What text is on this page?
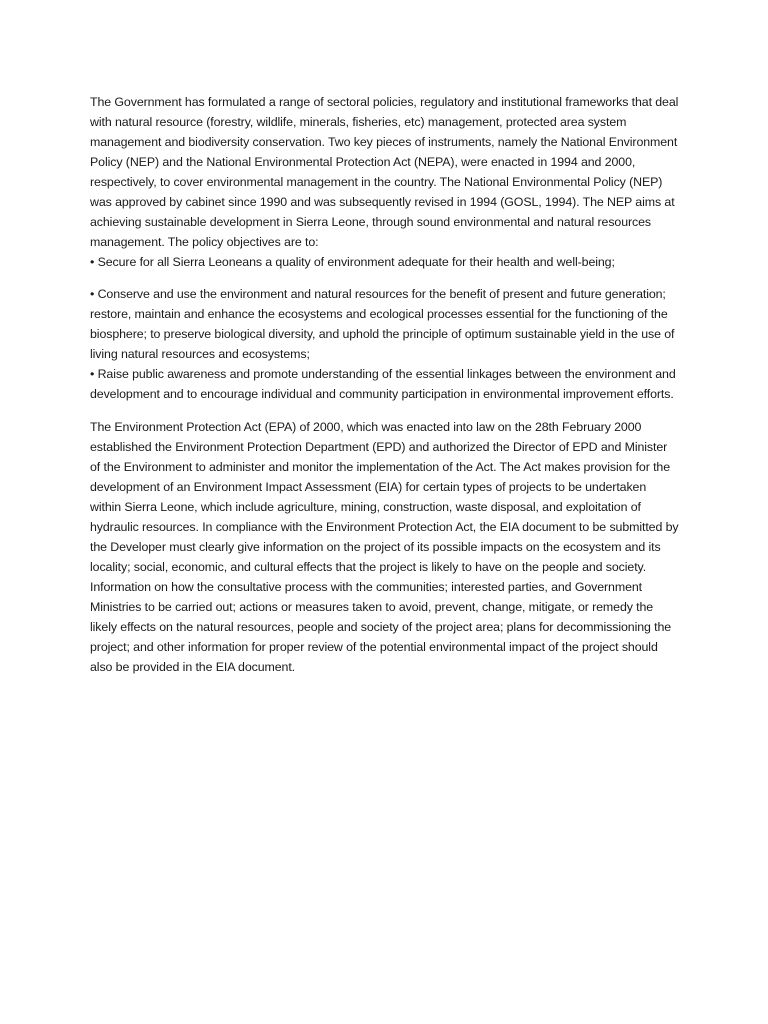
The Government has formulated a range of sectoral policies, regulatory and institutional frameworks that deal with natural resource (forestry, wildlife, minerals, fisheries, etc) management, protected area system management and biodiversity conservation. Two key pieces of instruments, namely the National Environment Policy (NEP) and the National Environmental Protection Act (NEPA), were enacted in 1994 and 2000, respectively, to cover environmental management in the country. The National Environmental Policy (NEP) was approved by cabinet since 1990 and was subsequently revised in 1994 (GOSL, 1994). The NEP aims at achieving sustainable development in Sierra Leone, through sound environmental and natural resources management. The policy objectives are to:

• Secure for all Sierra Leoneans a quality of environment adequate for their health and well-being;

• Conserve and use the environment and natural resources for the benefit of present and future generation; restore, maintain and enhance the ecosystems and ecological processes essential for the functioning of the biosphere; to preserve biological diversity, and uphold the principle of optimum sustainable yield in the use of living natural resources and ecosystems;

• Raise public awareness and promote understanding of the essential linkages between the environment and development and to encourage individual and community participation in environmental improvement efforts.

The Environment Protection Act (EPA) of 2000, which was enacted into law on the 28th February 2000 established the Environment Protection Department (EPD) and authorized the Director of EPD and Minister of the Environment to administer and monitor the implementation of the Act. The Act makes provision for the development of an Environment Impact Assessment (EIA) for certain types of projects to be undertaken within Sierra Leone, which include agriculture, mining, construction, waste disposal, and exploitation of hydraulic resources. In compliance with the Environment Protection Act, the EIA document to be submitted by the Developer must clearly give information on the project of its possible impacts on the ecosystem and its locality; social, economic, and cultural effects that the project is likely to have on the people and society. Information on how the consultative process with the communities; interested parties, and Government Ministries to be carried out; actions or measures taken to avoid, prevent, change, mitigate, or remedy the likely effects on the natural resources, people and society of the project area; plans for decommissioning the project; and other information for proper review of the potential environmental impact of the project should also be provided in the EIA document.
